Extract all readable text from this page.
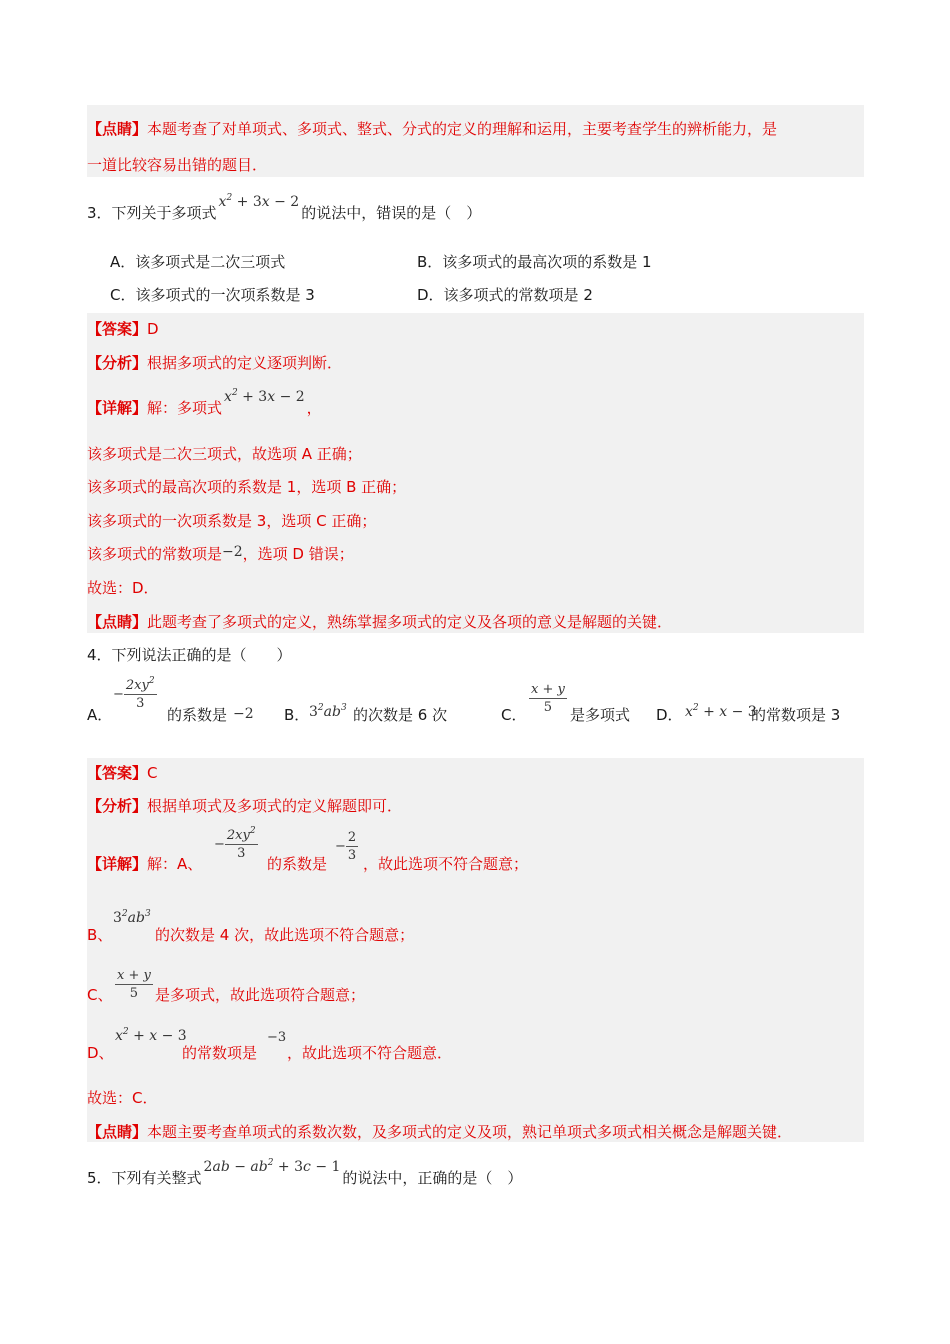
【点睛】本题考查了对单项式、多项式、整式、分式的定义的理解和运用，主要考查学生的辨析能力，是
一道比较容易出错的题目．
3．下列关于多项式$x^2 + 3x - 2$的说法中，错误的是（　）
A．该多项式是二次三项式	B．该多项式的最高次项的系数是 1
C．该多项式的一次项系数是 3	D．该多项式的常数项是 2
【答案】D
【分析】根据多项式的定义逐项判断．
【详解】解：多项式$x^2 + 3x - 2$，
该多项式是二次三项式，故选项 A 正确；
该多项式的最高次项的系数是 1，选项 B 正确；
该多项式的一次项系数是 3，选项 C 正确；
该多项式的常数项是−2，选项 D 错误；
故选：D．
【点睛】此题考查了多项式的定义，熟练掌握多项式的定义及各项的意义是解题的关键．
4．下列说法正确的是（　　）
A．
− $\frac{2xy^2}{3}$
的系数是 −2 B． $3^2ab^3$ 的次数是 6 次	C． $\frac{x + y}{5}$ 是多项式 D． $x^2 + x - 3$
的常数项是 3
【答案】C
【分析】根据单项式及多项式的定义解题即可．
【详解】解：A、
− $\frac{2xy^2}{3}$
的系数是
− $\frac{2}{3}$
，故此选项不符合题意；
B、
$3^2ab^3$
的次数是 4 次，故此选项不符合题意；
C、 $\frac{x + y}{5}$ 是多项式，故此选项符合题意；
D、
$x^2 + x - 3$
的常数项是
−3
，故此选项不符合题意．
故选：C．
【点睛】本题主要考查单项式的系数次数，及多项式的定义及项，熟记单项式多项式相关概念是解题关键．
5．下列有关整式$2ab - ab^2 + 3c - 1$的说法中，正确的是（　）
